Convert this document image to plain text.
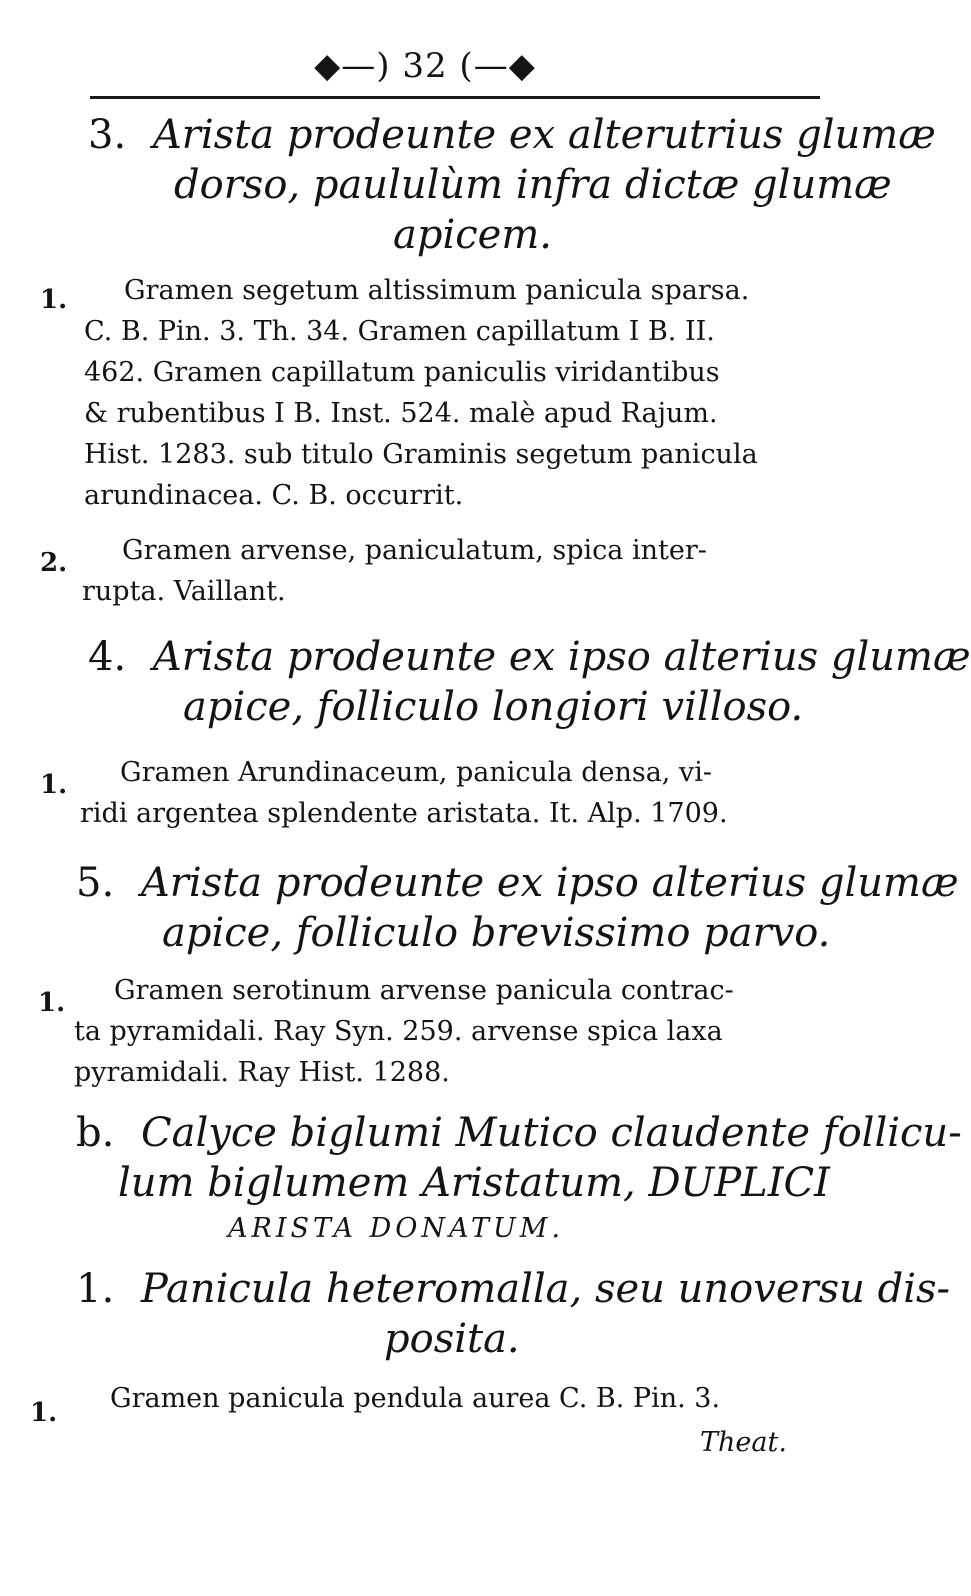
◆—) 32 (—◆
3. Arista prodeunte ex alterutrius glumæ
dorso, paululùm infra dictæ glumæ
apicem.
1. Gramen segetum altissimum panicula sparsa.
C. B. Pin. 3. Th. 34. Gramen capillatum I B. II.
462. Gramen capillatum paniculis viridantibus
& rubentibus I B. Inst. 524. malè apud Rajum.
Hist. 1283. sub titulo Graminis segetum panicula
arundinacea. C. B. occurrit.
2. Gramen arvense, paniculatum, spica inter-
rupta. Vaillant.
4. Arista prodeunte ex ipso alterius glumæ
apice, folliculo longiori villoso.
1. Gramen Arundinaceum, panicula densa, vi-
ridi argentea splendente aristata. It. Alp. 1709.
5. Arista prodeunte ex ipso alterius glumæ
apice, folliculo brevissimo parvo.
1. Gramen serotinum arvense panicula contrac-
ta pyramidali. Ray Syn. 259. arvense spica laxa
pyramidali. Ray Hist. 1288.
b. Calyce biglumi Mutico claudente follicu-
lum biglumem Aristatum, DUPLICI
ARISTA DONATUM.
1. Panicula heteromalla, seu unoversu dis-
posita.
1. Gramen panicula pendula aurea C. B. Pin. 3.
Theat.
